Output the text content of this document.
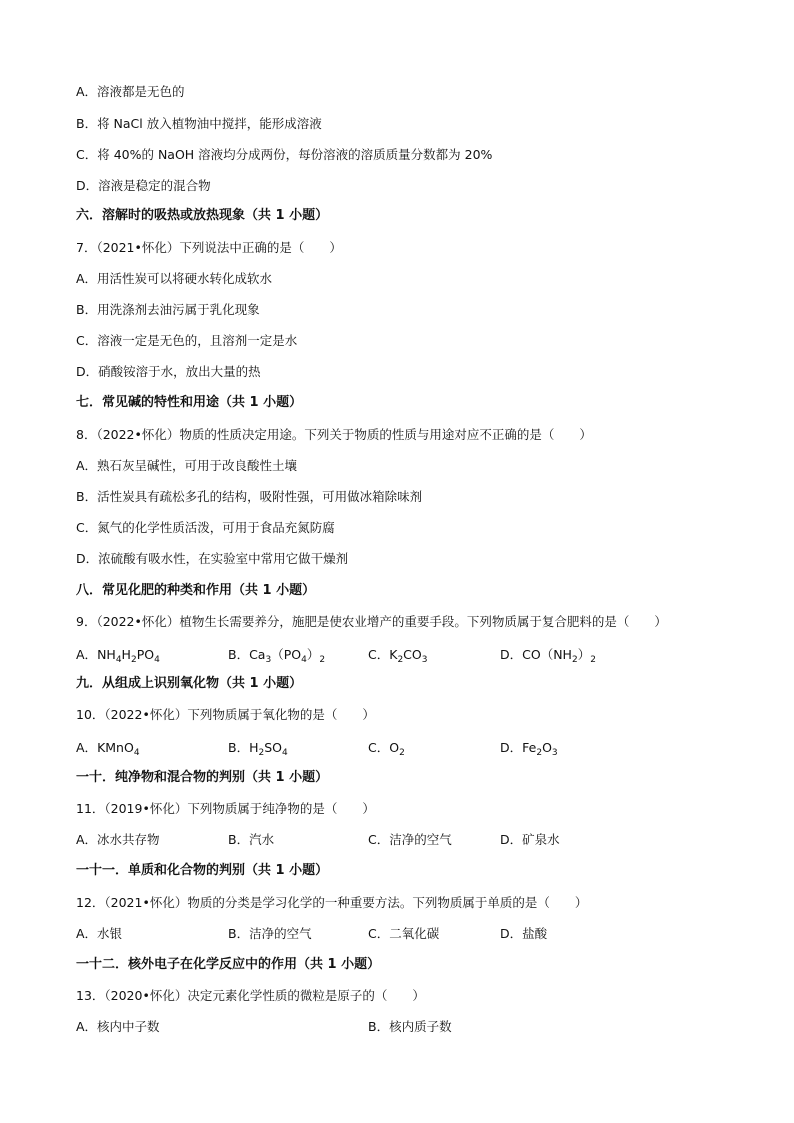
A．溶液都是无色的
B．将 NaCl 放入植物油中搅拌，能形成溶液
C．将 40%的 NaOH 溶液均分成两份，每份溶液的溶质质量分数都为 20%
D．溶液是稳定的混合物
六．溶解时的吸热或放热现象（共 1 小题）
7．（2021•怀化）下列说法中正确的是（　　）
A．用活性炭可以将硬水转化成软水
B．用洗涤剂去油污属于乳化现象
C．溶液一定是无色的，且溶剂一定是水
D．硝酸铵溶于水，放出大量的热
七．常见碱的特性和用途（共 1 小题）
8．（2022•怀化）物质的性质决定用途。下列关于物质的性质与用途对应不正确的是（　　）
A．熟石灰呈碱性，可用于改良酸性土壤
B．活性炭具有疏松多孔的结构，吸附性强，可用做冰箱除味剂
C．氮气的化学性质活泼，可用于食品充氮防腐
D．浓硫酸有吸水性，在实验室中常用它做干燥剂
八．常见化肥的种类和作用（共 1 小题）
9．（2022•怀化）植物生长需要养分，施肥是使农业增产的重要手段。下列物质属于复合肥料的是（　　）
A．$NH_4H_2PO_4$	B．$Ca_3(PO_4)_2$	C．$K_2CO_3$	D．$CO(NH_2)_2$
九．从组成上识别氧化物（共 1 小题）
10．（2022•怀化）下列物质属于氧化物的是（　　）
A．KMnO$_4$	B．$H_2SO_4$	C．$O_2$	D．$Fe_2O_3$
一十．纯净物和混合物的判别（共 1 小题）
11．（2019•怀化）下列物质属于纯净物的是（　　）
A．冰水共存物	B．汽水	C．洁净的空气	D．矿泉水
一十一．单质和化合物的判别（共 1 小题）
12．（2021•怀化）物质的分类是学习化学的一种重要方法。下列物质属于单质的是（　　）
A．水银	B．洁净的空气	C．二氧化碳	D．盐酸
一十二．核外电子在化学反应中的作用（共 1 小题）
13．（2020•怀化）决定元素化学性质的微粒是原子的（　　）
A．核内中子数	B．核内质子数
